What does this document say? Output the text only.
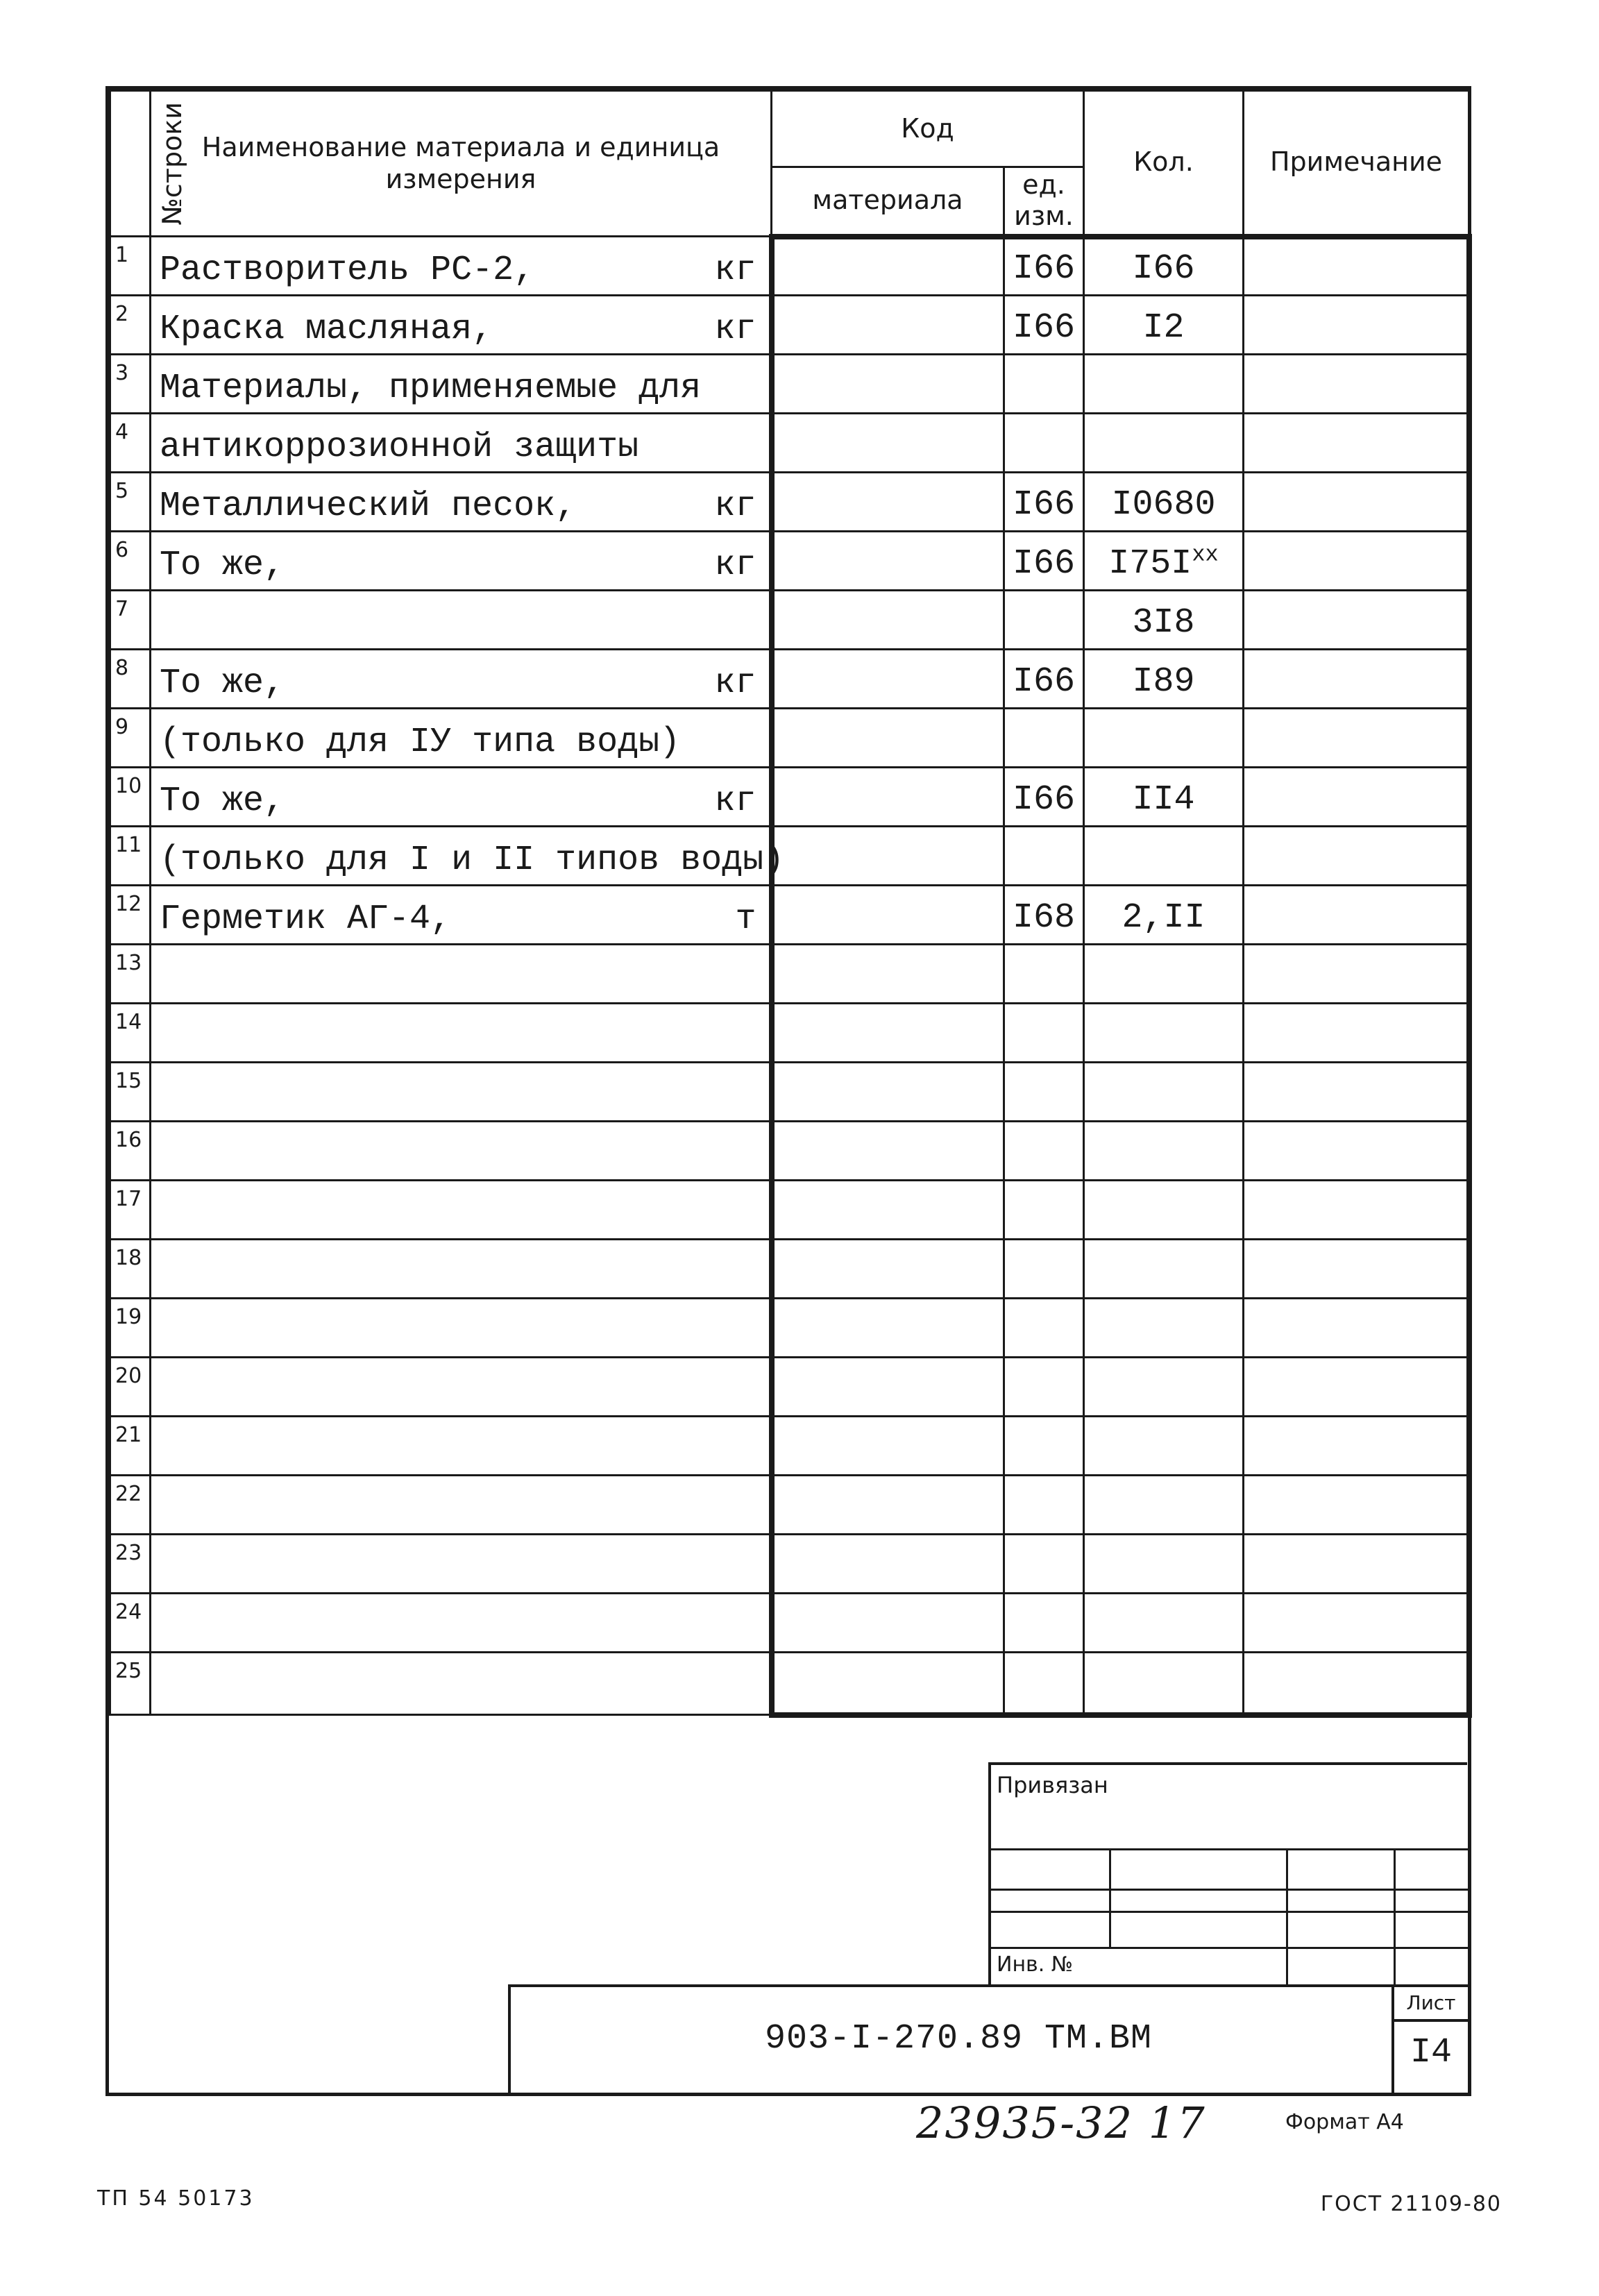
№строки	Наименование материала и единица измерения	Код		Кол.	Примечание
		материала	ед. изм.		
1	Растворитель РС-2, кг		I66	I66	
2	Краска масляная, кг		I66	I2	
3	Материалы, применяемые для				

4	антикоррозионной защиты				

5	Металлический песок, кг		I66	I0680	
6	То же, кг		I66	$I75I^{хх}$	
7				3I8	
8	То же, кг		I66	I89	
9	(только для IУ типа воды)				

10	То же, кг		I66	II4	
11	(только для I и II типов воды)				

12	Герметик АГ-4, т		I68	2,II	
13	

14	

15	

16	

17	

18	

19	

20	

21	

22	

23	

24	

25	

Привязан
Инв. №
903-I-270.89 ТМ.ВМ
Лист
I4
23935-32 17	Формат А4
ТП 54 50173	ГОСТ 21109-80
